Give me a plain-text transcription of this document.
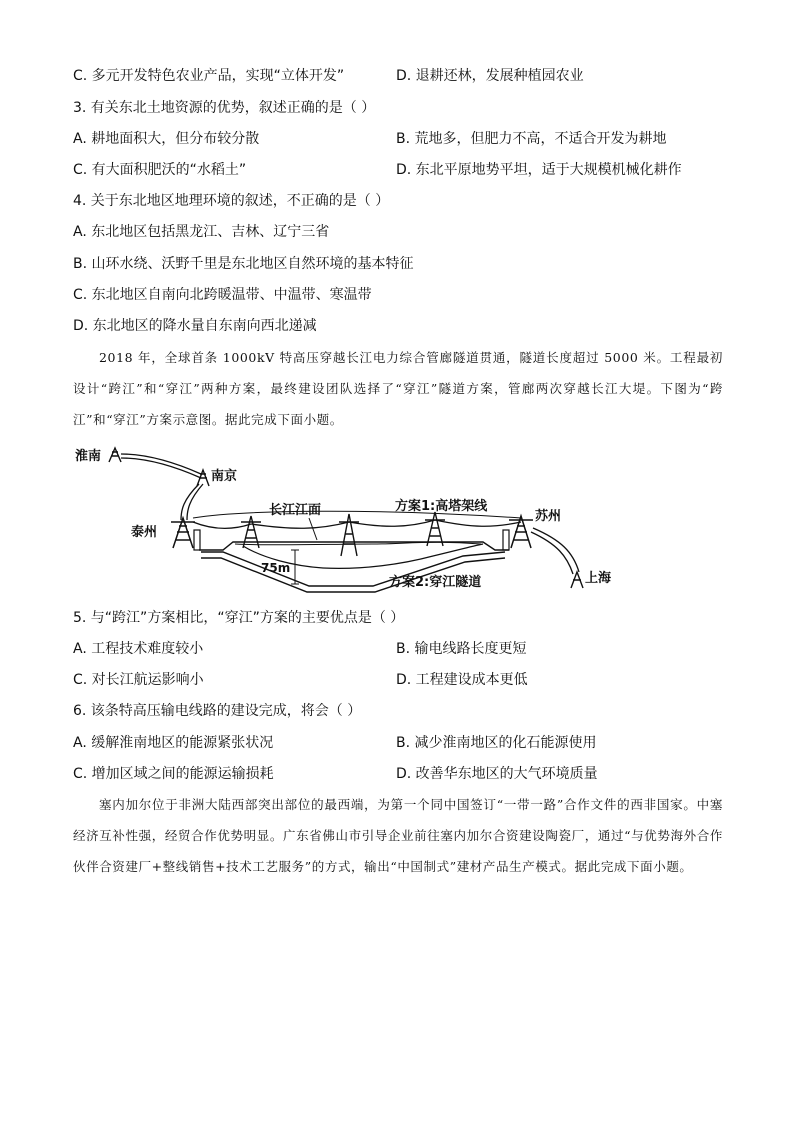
C. 多元开发特色农业产品，实现“立体开发”	D. 退耕还林，发展种植园农业
3. 有关东北土地资源的优势，叙述正确的是（ ）
A. 耕地面积大，但分布较分散	B. 荒地多，但肥力不高，不适合开发为耕地
C. 有大面积肥沃的“水稻土”	D. 东北平原地势平坦，适于大规模机械化耕作
4. 关于东北地区地理环境的叙述，不正确的是（ ）
A. 东北地区包括黑龙江、吉林、辽宁三省
B. 山环水绕、沃野千里是东北地区自然环境的基本特征
C. 东北地区自南向北跨暖温带、中温带、寒温带
D. 东北地区的降水量自东南向西北递减

2018 年，全球首条 1000kV 特高压穿越长江电力综合管廊隧道贯通，隧道长度超过 5000 米。工程最初设计“跨江”和“穿江”两种方案，最终建设团队选择了“穿江”隧道方案，管廊两次穿越长江大堤。下图为“跨江”和“穿江”方案示意图。据此完成下面小题。

淮南
南京
泰州
苏州
长江江面
75m
上海
方案1:高塔架线
方案2:穿江隧道
5. 与“跨江”方案相比，“穿江”方案的主要优点是（ ）
A. 工程技术难度较小	B. 输电线路长度更短
C. 对长江航运影响小	D. 工程建设成本更低
6. 该条特高压输电线路的建设完成，将会（ ）
A. 缓解淮南地区的能源紧张状况	B. 减少淮南地区的化石能源使用
C. 增加区域之间的能源运输损耗	D. 改善华东地区的大气环境质量

塞内加尔位于非洲大陆西部突出部位的最西端，为第一个同中国签订“一带一路”合作文件的西非国家。中塞经济互补性强，经贸合作优势明显。广东省佛山市引导企业前往塞内加尔合资建设陶瓷厂，通过“与优势海外合作伙伴合资建厂+整线销售+技术工艺服务”的方式，输出“中国制式”建材产品生产模式。据此完成下面小题。
